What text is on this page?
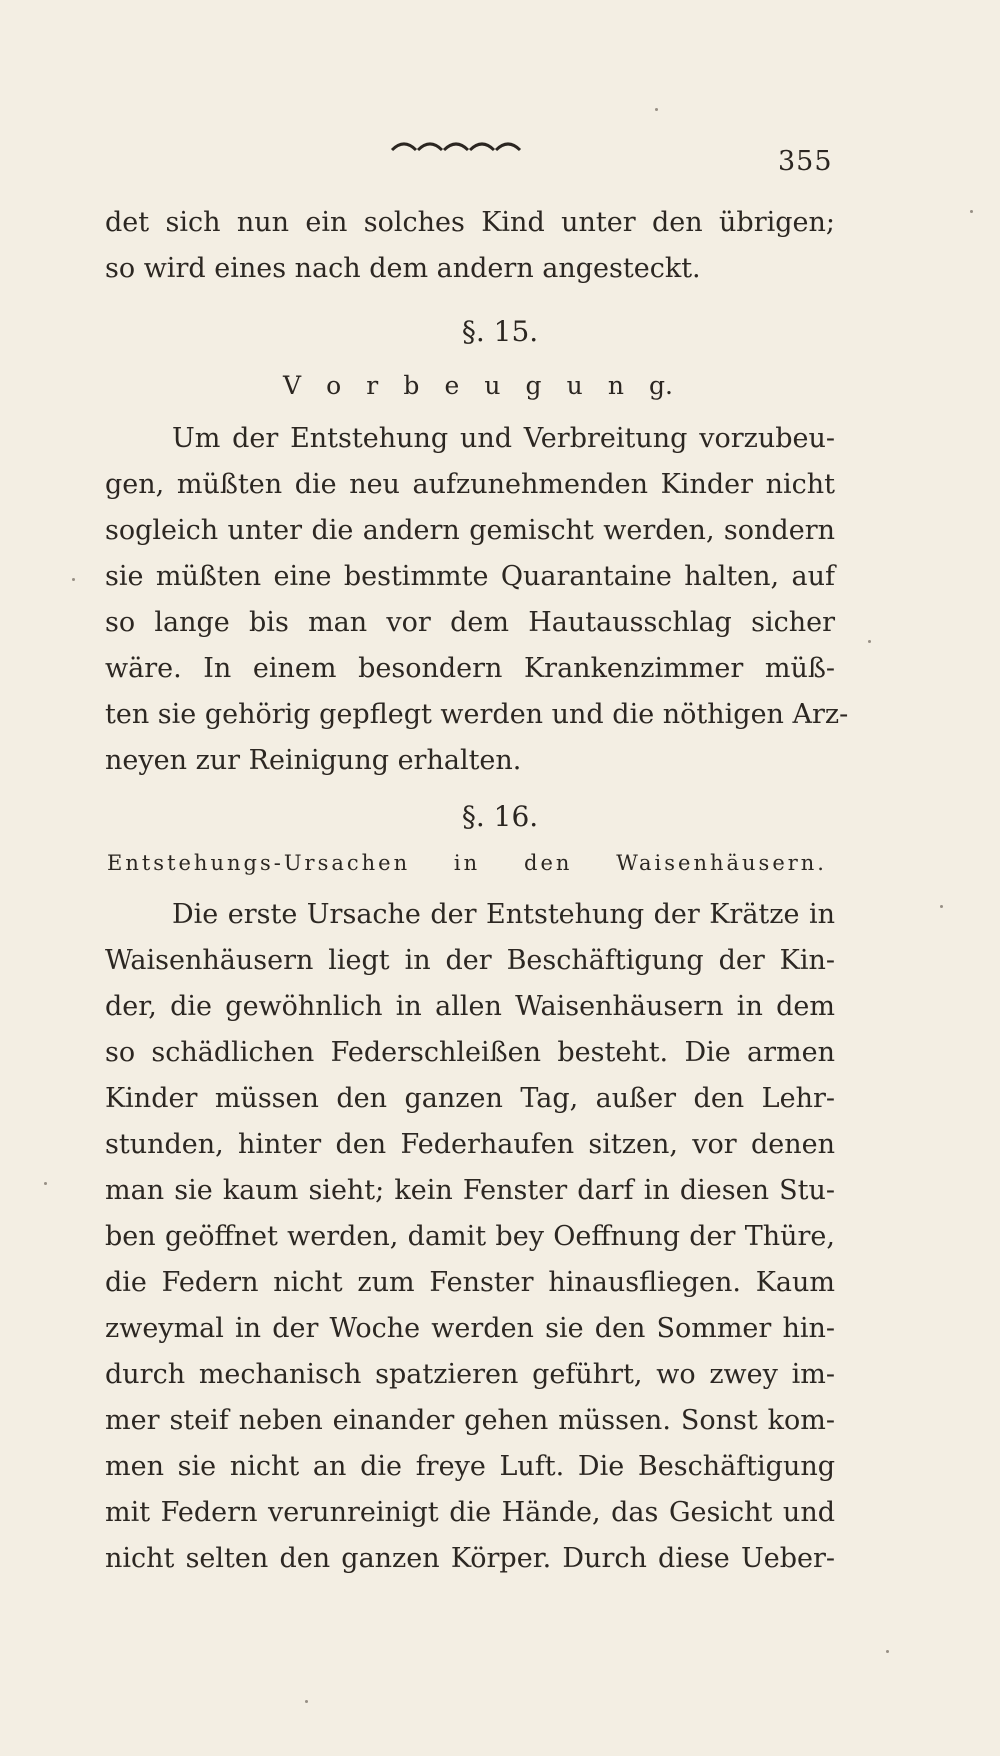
355
det sich nun ein solches Kind unter den übrigen;
so wird eines nach dem andern angesteckt.
§. 15.
V o r b e u g u n g.
Um der Entstehung und Verbreitung vorzubeu-
gen, müßten die neu aufzunehmenden Kinder nicht
sogleich unter die andern gemischt werden, sondern
sie müßten eine bestimmte Quarantaine halten, auf
so lange bis man vor dem Hautausschlag sicher
wäre. In einem besondern Krankenzimmer müß-
ten sie gehörig gepflegt werden und die nöthigen Arz-
neyen zur Reinigung erhalten.
§. 16.
Entstehungs-Ursachen in den Waisenhäusern.
Die erste Ursache der Entstehung der Krätze in
Waisenhäusern liegt in der Beschäftigung der Kin-
der, die gewöhnlich in allen Waisenhäusern in dem
so schädlichen Federschleißen besteht. Die armen
Kinder müssen den ganzen Tag, außer den Lehr-
stunden, hinter den Federhaufen sitzen, vor denen
man sie kaum sieht; kein Fenster darf in diesen Stu-
ben geöffnet werden, damit bey Oeffnung der Thüre,
die Federn nicht zum Fenster hinausfliegen. Kaum
zweymal in der Woche werden sie den Sommer hin-
durch mechanisch spatzieren geführt, wo zwey im-
mer steif neben einander gehen müssen. Sonst kom-
men sie nicht an die freye Luft. Die Beschäftigung
mit Federn verunreinigt die Hände, das Gesicht und
nicht selten den ganzen Körper. Durch diese Ueber-
